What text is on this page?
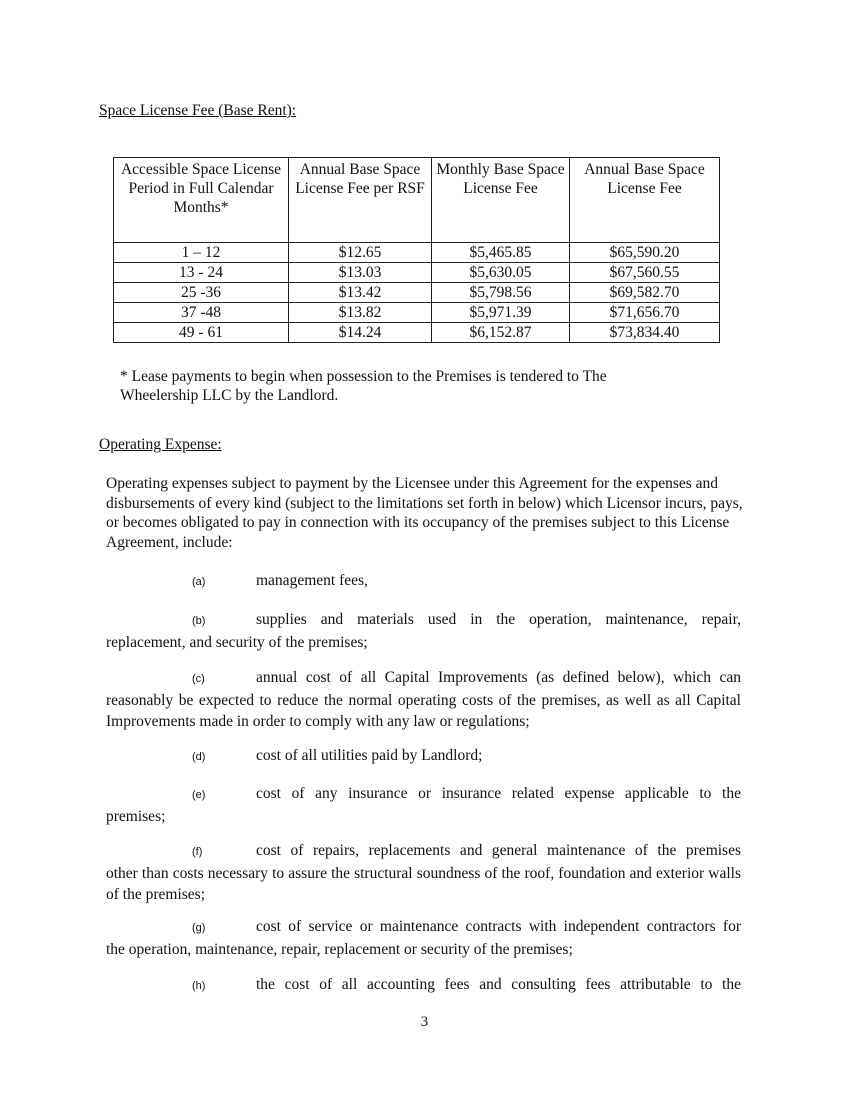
Space License Fee (Base Rent):
Accessible Space License Period in Full Calendar Months*	Annual Base Space License Fee per RSF	Monthly Base Space License Fee	Annual Base Space License Fee
1 – 12	$12.65	$5,465.85	$65,590.20
13 - 24	$13.03	$5,630.05	$67,560.55
25 -36	$13.42	$5,798.56	$69,582.70
37 -48	$13.82	$5,971.39	$71,656.70
49 - 61	$14.24	$6,152.87	$73,834.40
* Lease payments to begin when possession to the Premises is tendered to The Wheelership LLC by the Landlord.
Operating Expense:
Operating expenses subject to payment by the Licensee under this Agreement for the expenses and disbursements of every kind (subject to the limitations set forth in below) which Licensor incurs, pays, or becomes obligated to pay in connection with its occupancy of the premises subject to this License Agreement, include:
(a)	management fees,
(b)	supplies and materials used in the operation, maintenance, repair,
replacement, and security of the premises;
(c)	annual cost of all Capital Improvements (as defined below), which can
reasonably be expected to reduce the normal operating costs of the premises, as well as all Capital Improvements made in order to comply with any law or regulations;
(d)	cost of all utilities paid by Landlord;
(e)	cost of any insurance or insurance related expense applicable to the
premises;
(f)	cost of repairs, replacements and general maintenance of the premises
other than costs necessary to assure the structural soundness of the roof, foundation and exterior walls of the premises;
(g)	cost of service or maintenance contracts with independent contractors for
the operation, maintenance, repair, replacement or security of the premises;
(h)	the cost of all accounting fees and consulting fees attributable to the
3
